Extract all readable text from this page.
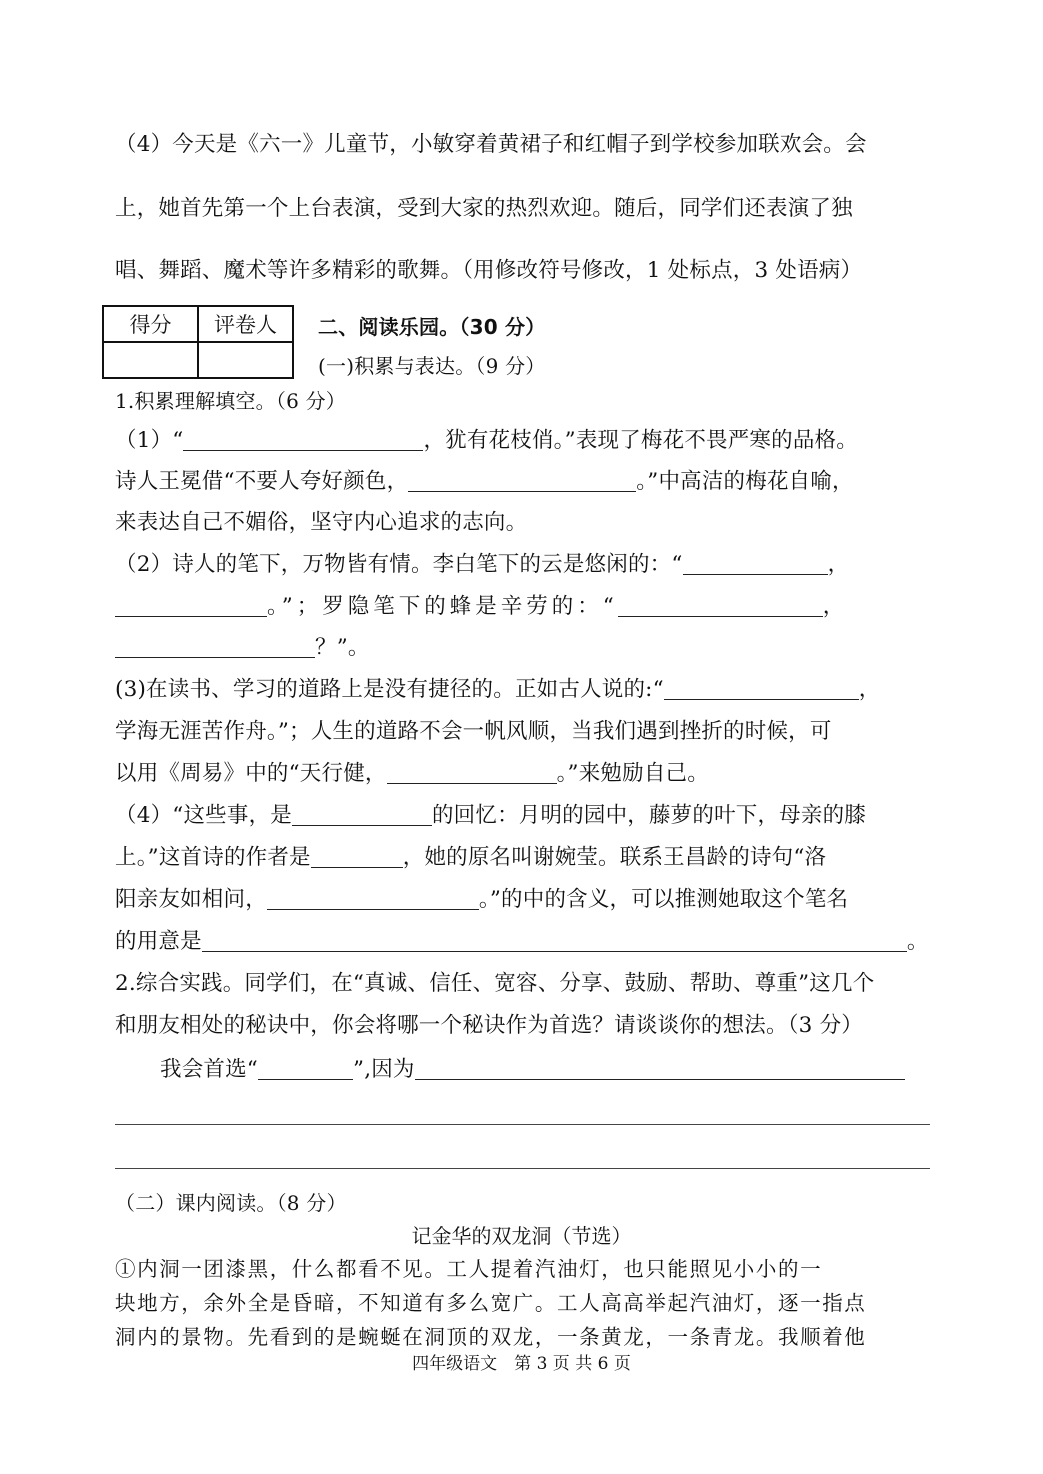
（4）今天是《六一》儿童节，小敏穿着黄裙子和红帽子到学校参加联欢会。会
上，她首先第一个上台表演，受到大家的热烈欢迎。随后，同学们还表演了独
唱、舞蹈、魔术等许多精彩的歌舞。（用修改符号修改，1 处标点，3 处语病）
得分	评卷人
	二、阅读乐园。（30 分）
(一)积累与表达。（9 分）
1.积累理解填空。（6 分）
（1）“	，犹有花枝俏。”表现了梅花不畏严寒的品格。
诗人王冕借“不要人夸好颜色，	。”中高洁的梅花自喻，
来表达自己不媚俗，坚守内心追求的志向。
（2）诗人的笔下，万物皆有情。李白笔下的云是悠闲的：“	，
。”；罗隐笔下的蜂是辛劳的：“	，
？”。
(3)在读书、学习的道路上是没有捷径的。正如古人说的:“	，
学海无涯苦作舟。”；人生的道路不会一帆风顺，当我们遇到挫折的时候，可
以用《周易》中的“天行健，	。”来勉励自己。
（4）“这些事，是	的回忆：月明的园中，藤萝的叶下，母亲的膝
上。”这首诗的作者是	，她的原名叫谢婉莹。联系王昌龄的诗句“洛
阳亲友如相问，	。”的中的含义，可以推测她取这个笔名
的用意是	。
2.综合实践。同学们，在“真诚、信任、宽容、分享、鼓励、帮助、尊重”这几个
和朋友相处的秘诀中，你会将哪一个秘诀作为首选？请谈谈你的想法。（3 分）
我会首选“	”,因为
（二）课内阅读。（8 分）
记金华的双龙洞（节选）
①内洞一团漆黑，什么都看不见。工人提着汽油灯，也只能照见小小的一
块地方，余外全是昏暗，不知道有多么宽广。工人高高举起汽油灯，逐一指点
洞内的景物。先看到的是蜿蜒在洞顶的双龙，一条黄龙，一条青龙。我顺着他
四年级语文　第 3 页 共 6 页
